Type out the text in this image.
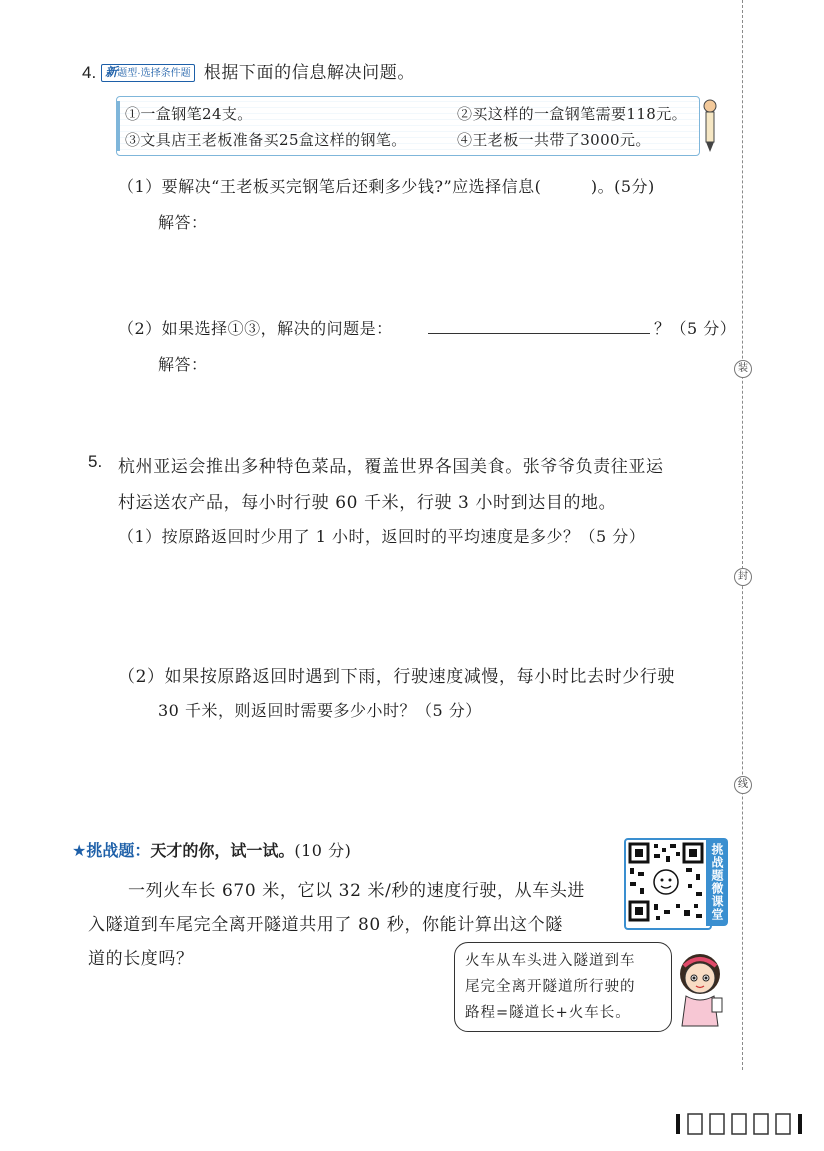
装
封
线
4. 新题型·选择条件题 根据下面的信息解决问题。
①一盒钢笔24支。	②买这样的一盒钢笔需要118元。
③文具店王老板准备买25盒这样的钢笔。	④王老板一共带了3000元。
（1）要解决“王老板买完钢笔后还剩多少钱?”应选择信息(　　　)。(5分)
解答：
（2）如果选择①③，解决的问题是：	？（5 分）
解答：
5. 杭州亚运会推出多种特色菜品，覆盖世界各国美食。张爷爷负责往亚运
村运送农产品，每小时行驶 60 千米，行驶 3 小时到达目的地。
（1）按原路返回时少用了 1 小时，返回时的平均速度是多少？（5 分）
（2）如果按原路返回时遇到下雨，行驶速度减慢，每小时比去时少行驶
30 千米，则返回时需要多少小时？（5 分）
★挑战题：天才的你，试一试。(10 分)
一列火车长 670 米，它以 32 米/秒的速度行驶，从车头进
入隧道到车尾完全离开隧道共用了 80 秒，你能计算出这个隧
道的长度吗？
挑战题微课堂
火车从车头进入隧道到车
尾完全离开隧道所行驶的
路程=隧道长+火车长。
